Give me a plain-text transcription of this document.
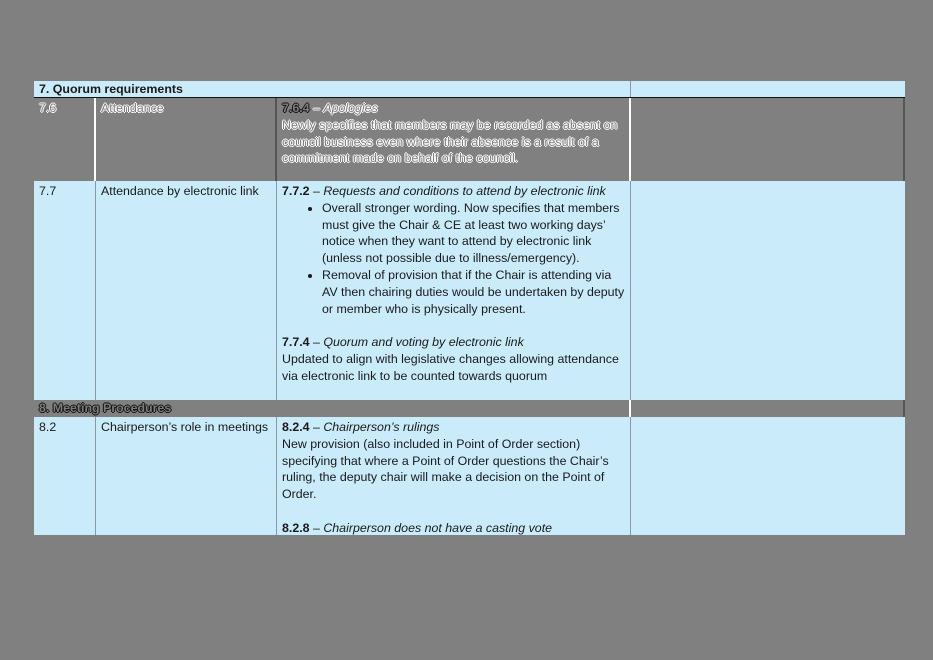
7. Quorum requirements
7.6	Attendance	7.6.4 – Apologies

Newly specifies that members may be recorded as absent on council business even where their absence is a result of a commitment made on behalf of the council.

7.7	Attendance by electronic link	7.7.2 – Requests and conditions to attend by electronic link

• Overall stronger wording. Now specifies that members must give the Chair & CE at least two working days’ notice when they want to attend by electronic link (unless not possible due to illness/emergency).
• Removal of provision that if the Chair is attending via AV then chairing duties would be undertaken by deputy or member who is physically present.

7.7.4 – Quorum and voting by electronic link

Updated to align with legislative changes allowing attendance via electronic link to be counted towards quorum

8. Meeting Procedures
8.2	Chairperson’s role in meetings	8.2.4 – Chairperson’s rulings

New provision (also included in Point of Order section) specifying that where a Point of Order questions the Chair’s ruling, the deputy chair will make a decision on the Point of Order.

8.2.8 – Chairperson does not have a casting vote
